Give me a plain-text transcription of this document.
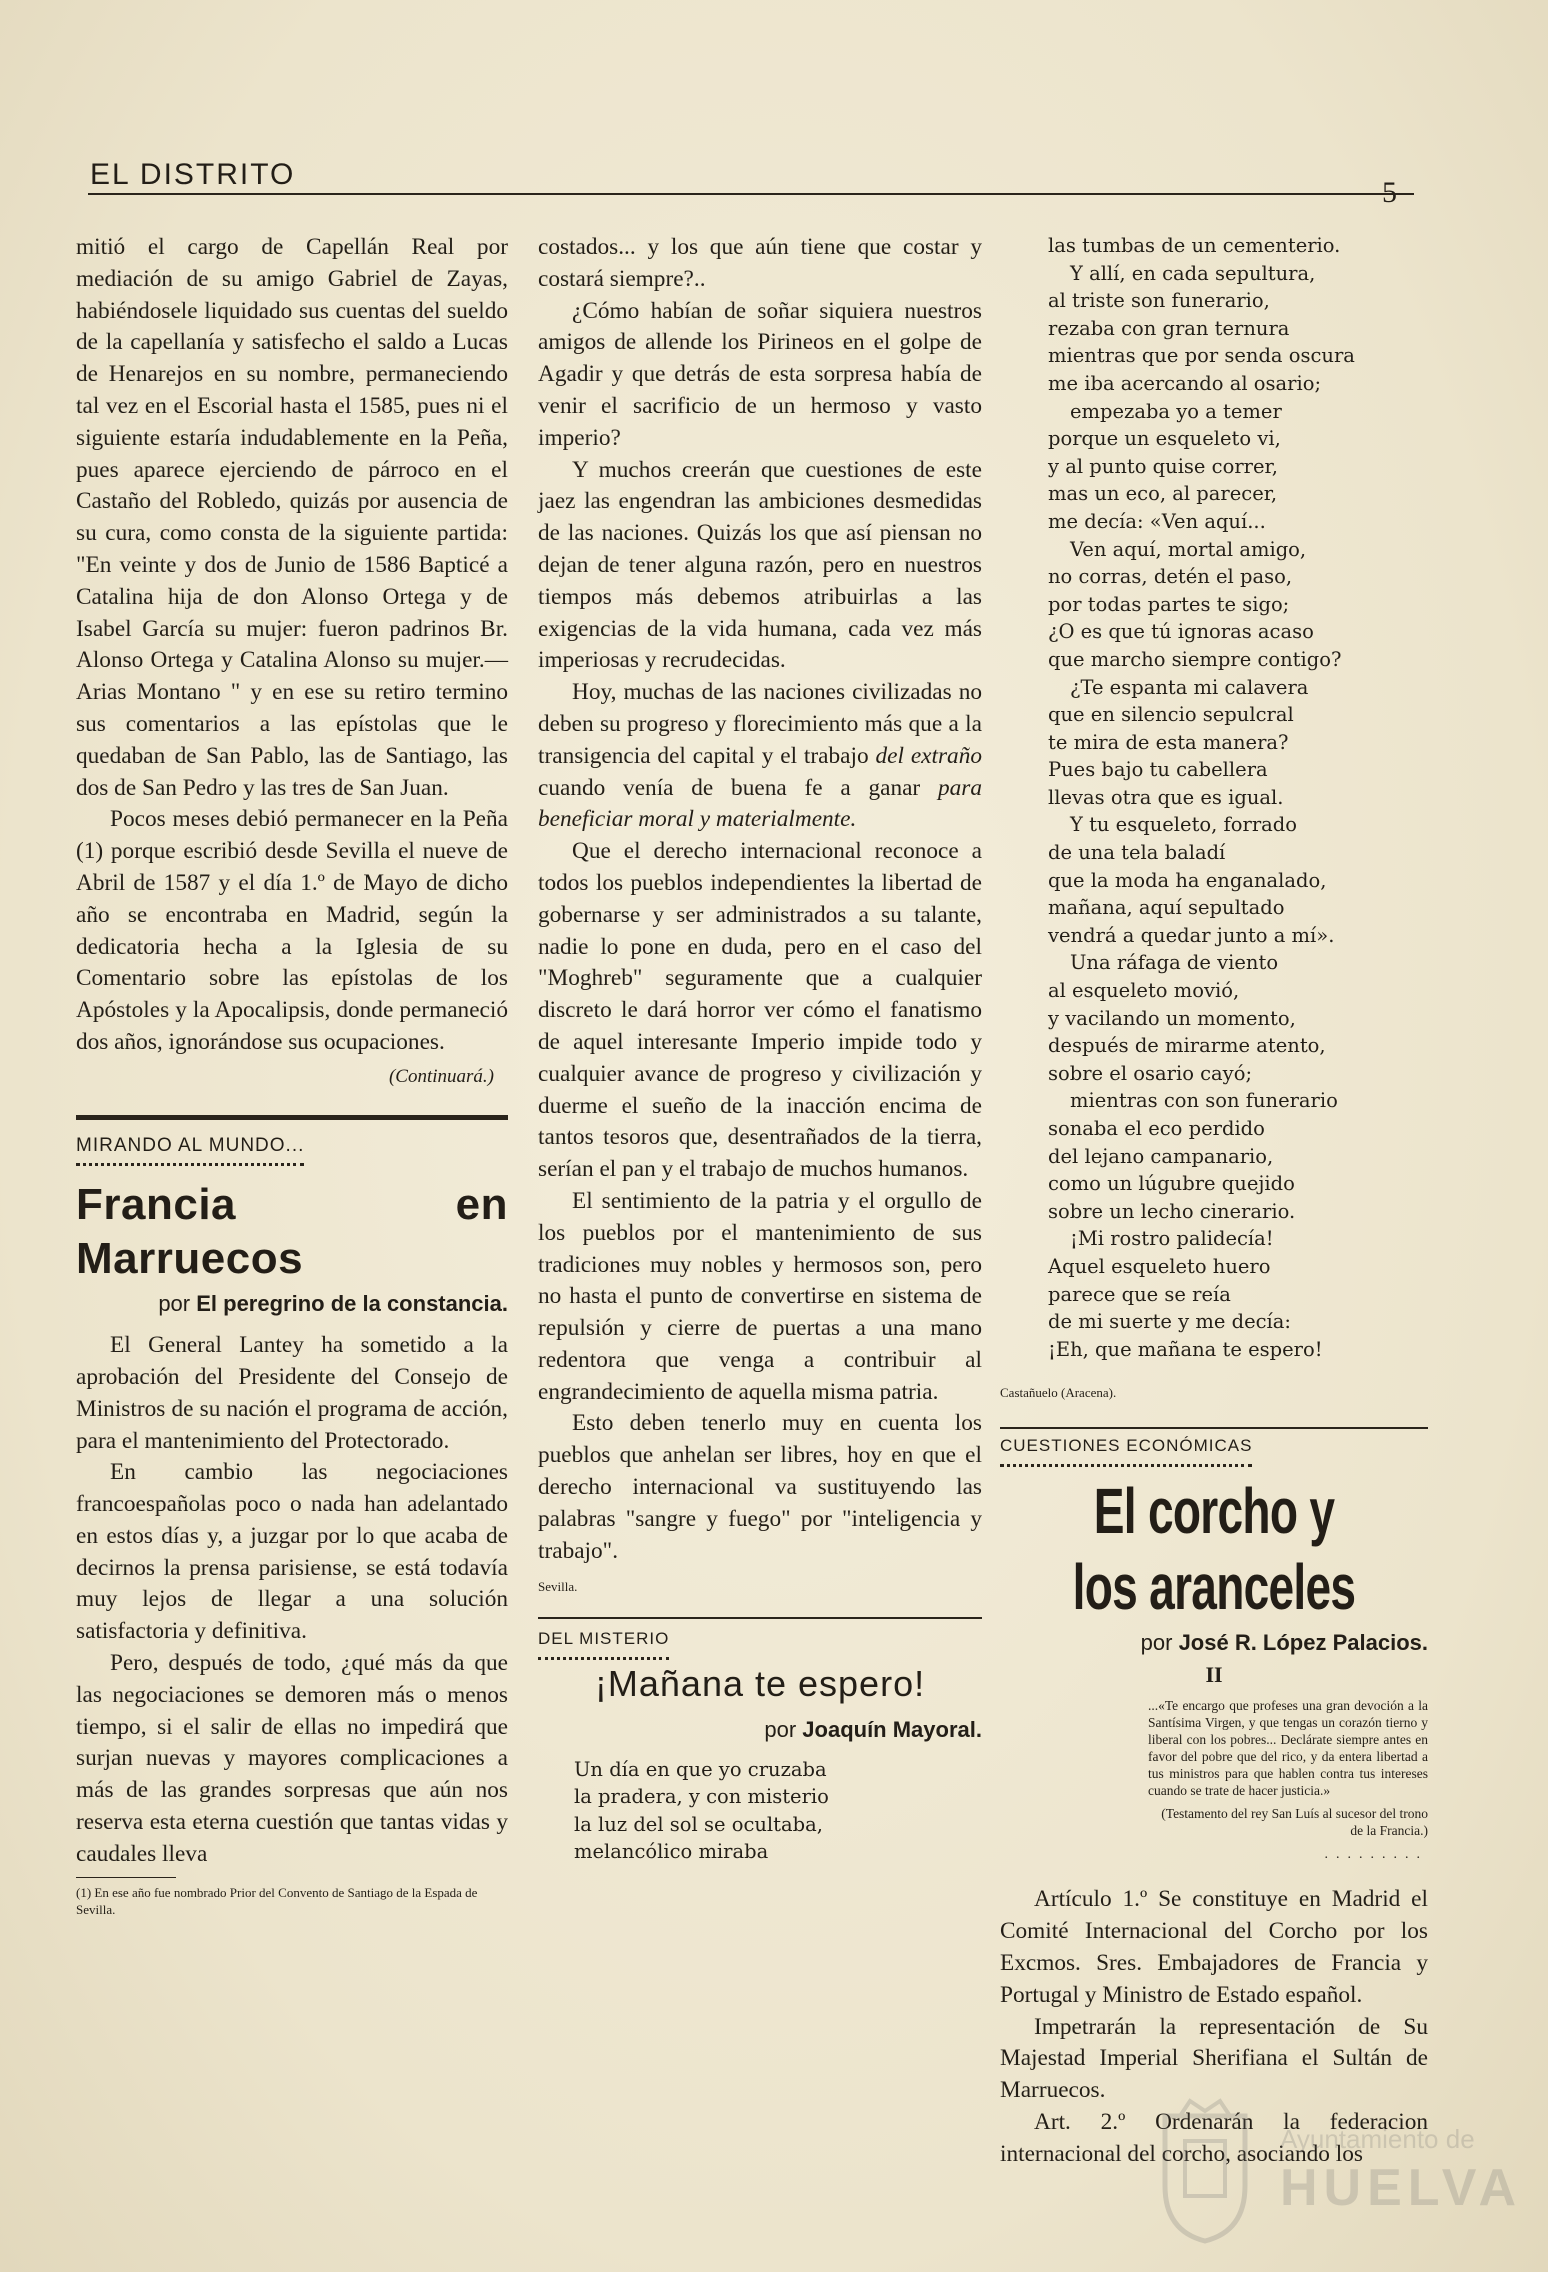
EL DISTRITO

mitió el cargo de Capellán Real por mediación de su amigo Gabriel de Zayas, habiéndosele liquidado sus cuentas del sueldo de la capellanía y satisfecho el saldo a Lucas de Henarejos en su nombre, permaneciendo tal vez en el Escorial hasta el 1585, pues ni el siguiente estaría indudablemente en la Peña, pues aparece ejerciendo de párroco en el Castaño del Robledo, quizás por ausencia de su cura, como consta de la siguiente partida: "En veinte y dos de Junio de 1586 Bapticé a Catalina hija de don Alonso Ortega y de Isabel García su mujer: fueron padrinos Br. Alonso Ortega y Catalina Alonso su mujer.—Arias Montano " y en ese su retiro termino sus comentarios a las epístolas que le quedaban de San Pablo, las de Santiago, las dos de San Pedro y las tres de San Juan.

Pocos meses debió permanecer en la Peña (1) porque escribió desde Sevilla el nueve de Abril de 1587 y el día 1.º de Mayo de dicho año se encontraba en Madrid, según la dedicatoria hecha a la Iglesia de su Comentario sobre las epístolas de los Apóstoles y la Apocalipsis, donde permaneció dos años, ignorándose sus ocupaciones.

(Continuará.)
MIRANDO AL MUNDO...
Francia en Marruecos
por El peregrino de la constancia.

El General Lantey ha sometido a la aprobación del Presidente del Consejo de Ministros de su nación el programa de acción, para el mantenimiento del Protectorado.

En cambio las negociaciones francoespañolas poco o nada han adelantado en estos días y, a juzgar por lo que acaba de decirnos la prensa parisiense, se está todavía muy lejos de llegar a una solución satisfactoria y definitiva.

Pero, después de todo, ¿qué más da que las negociaciones se demoren más o menos tiempo, si el salir de ellas no impedirá que surjan nuevas y mayores complicaciones a más de las grandes sorpresas que aún nos reserva esta eterna cuestión que tantas vidas y caudales lleva

(1) En ese año fue nombrado Prior del Convento de Santiago de la Espada de Sevilla.

costados... y los que aún tiene que costar y costará siempre?..

¿Cómo habían de soñar siquiera nuestros amigos de allende los Pirineos en el golpe de Agadir y que detrás de esta sorpresa había de venir el sacrificio de un hermoso y vasto imperio?

Y muchos creerán que cuestiones de este jaez las engendran las ambiciones desmedidas de las naciones. Quizás los que así piensan no dejan de tener alguna razón, pero en nuestros tiempos más debemos atribuirlas a las exigencias de la vida humana, cada vez más imperiosas y recrudecidas.

Hoy, muchas de las naciones civilizadas no deben su progreso y florecimiento más que a la transigencia del capital y el trabajo del extraño cuando venía de buena fe a ganar para beneficiar moral y materialmente.

Que el derecho internacional reconoce a todos los pueblos independientes la libertad de gobernarse y ser administrados a su talante, nadie lo pone en duda, pero en el caso del "Moghreb" seguramente que a cualquier discreto le dará horror ver cómo el fanatismo de aquel interesante Imperio impide todo y cualquier avance de progreso y civilización y duerme el sueño de la inacción encima de tantos tesoros que, desentrañados de la tierra, serían el pan y el trabajo de muchos humanos.

El sentimiento de la patria y el orgullo de los pueblos por el mantenimiento de sus tradiciones muy nobles y hermosos son, pero no hasta el punto de convertirse en sistema de repulsión y cierre de puertas a una mano redentora que venga a contribuir al engrandecimiento de aquella misma patria.

Esto deben tenerlo muy en cuenta los pueblos que anhelan ser libres, hoy en que el derecho internacional va sustituyendo las palabras "sangre y fuego" por "inteligencia y trabajo".

Sevilla.
DEL MISTERIO
¡Mañana te espero!
por Joaquín Mayoral.
Un día en que yo cruzaba
la pradera, y con misterio
la luz del sol se ocultaba,
melancólico miraba
las tumbas de un cementerio.
Y allí, en cada sepultura,
al triste son funerario,
rezaba con gran ternura
mientras que por senda oscura
me iba acercando al osario;
empezaba yo a temer
porque un esqueleto vi,
y al punto quise correr,
mas un eco, al parecer,
me decía: «Ven aquí...
Ven aquí, mortal amigo,
no corras, detén el paso,
por todas partes te sigo;
¿O es que tú ignoras acaso
que marcho siempre contigo?
¿Te espanta mi calavera
que en silencio sepulcral
te mira de esta manera?
Pues bajo tu cabellera
llevas otra que es igual.
Y tu esqueleto, forrado
de una tela baladí
que la moda ha enganalado,
mañana, aquí sepultado
vendrá a quedar junto a mí».
Una ráfaga de viento
al esqueleto movió,
y vacilando un momento,
después de mirarme atento,
sobre el osario cayó;
mientras con son funerario
sonaba el eco perdido
del lejano campanario,
como un lúgubre quejido
sobre un lecho cinerario.
¡Mi rostro palidecía!
Aquel esqueleto huero
parece que se reía
de mi suerte y me decía:
¡Eh, que mañana te espero!
Castañuelo (Aracena).
CUESTIONES ECONÓMICAS
El corcho y los aranceles
por José R. López Palacios.
II
...«Te encargo que profeses una gran devoción a la Santísima Virgen, y que tengas un corazón tierno y liberal con los pobres... Declárate siempre antes en favor del pobre que del rico, y da entera libertad a tus ministros para que hablen contra tus intereses cuando se trate de hacer justicia.»
(Testamento del rey San Luís al sucesor del trono de la Francia.)
.........

Artículo 1.º Se constituye en Madrid el Comité Internacional del Corcho por los Excmos. Sres. Embajadores de Francia y Portugal y Ministro de Estado español.

Impetrarán la representación de Su Majestad Imperial Sherifiana el Sultán de Marruecos.

Art. 2.º Ordenarán la federacion internacional del corcho, asociando los

Ayuntamiento de
HUELVA
